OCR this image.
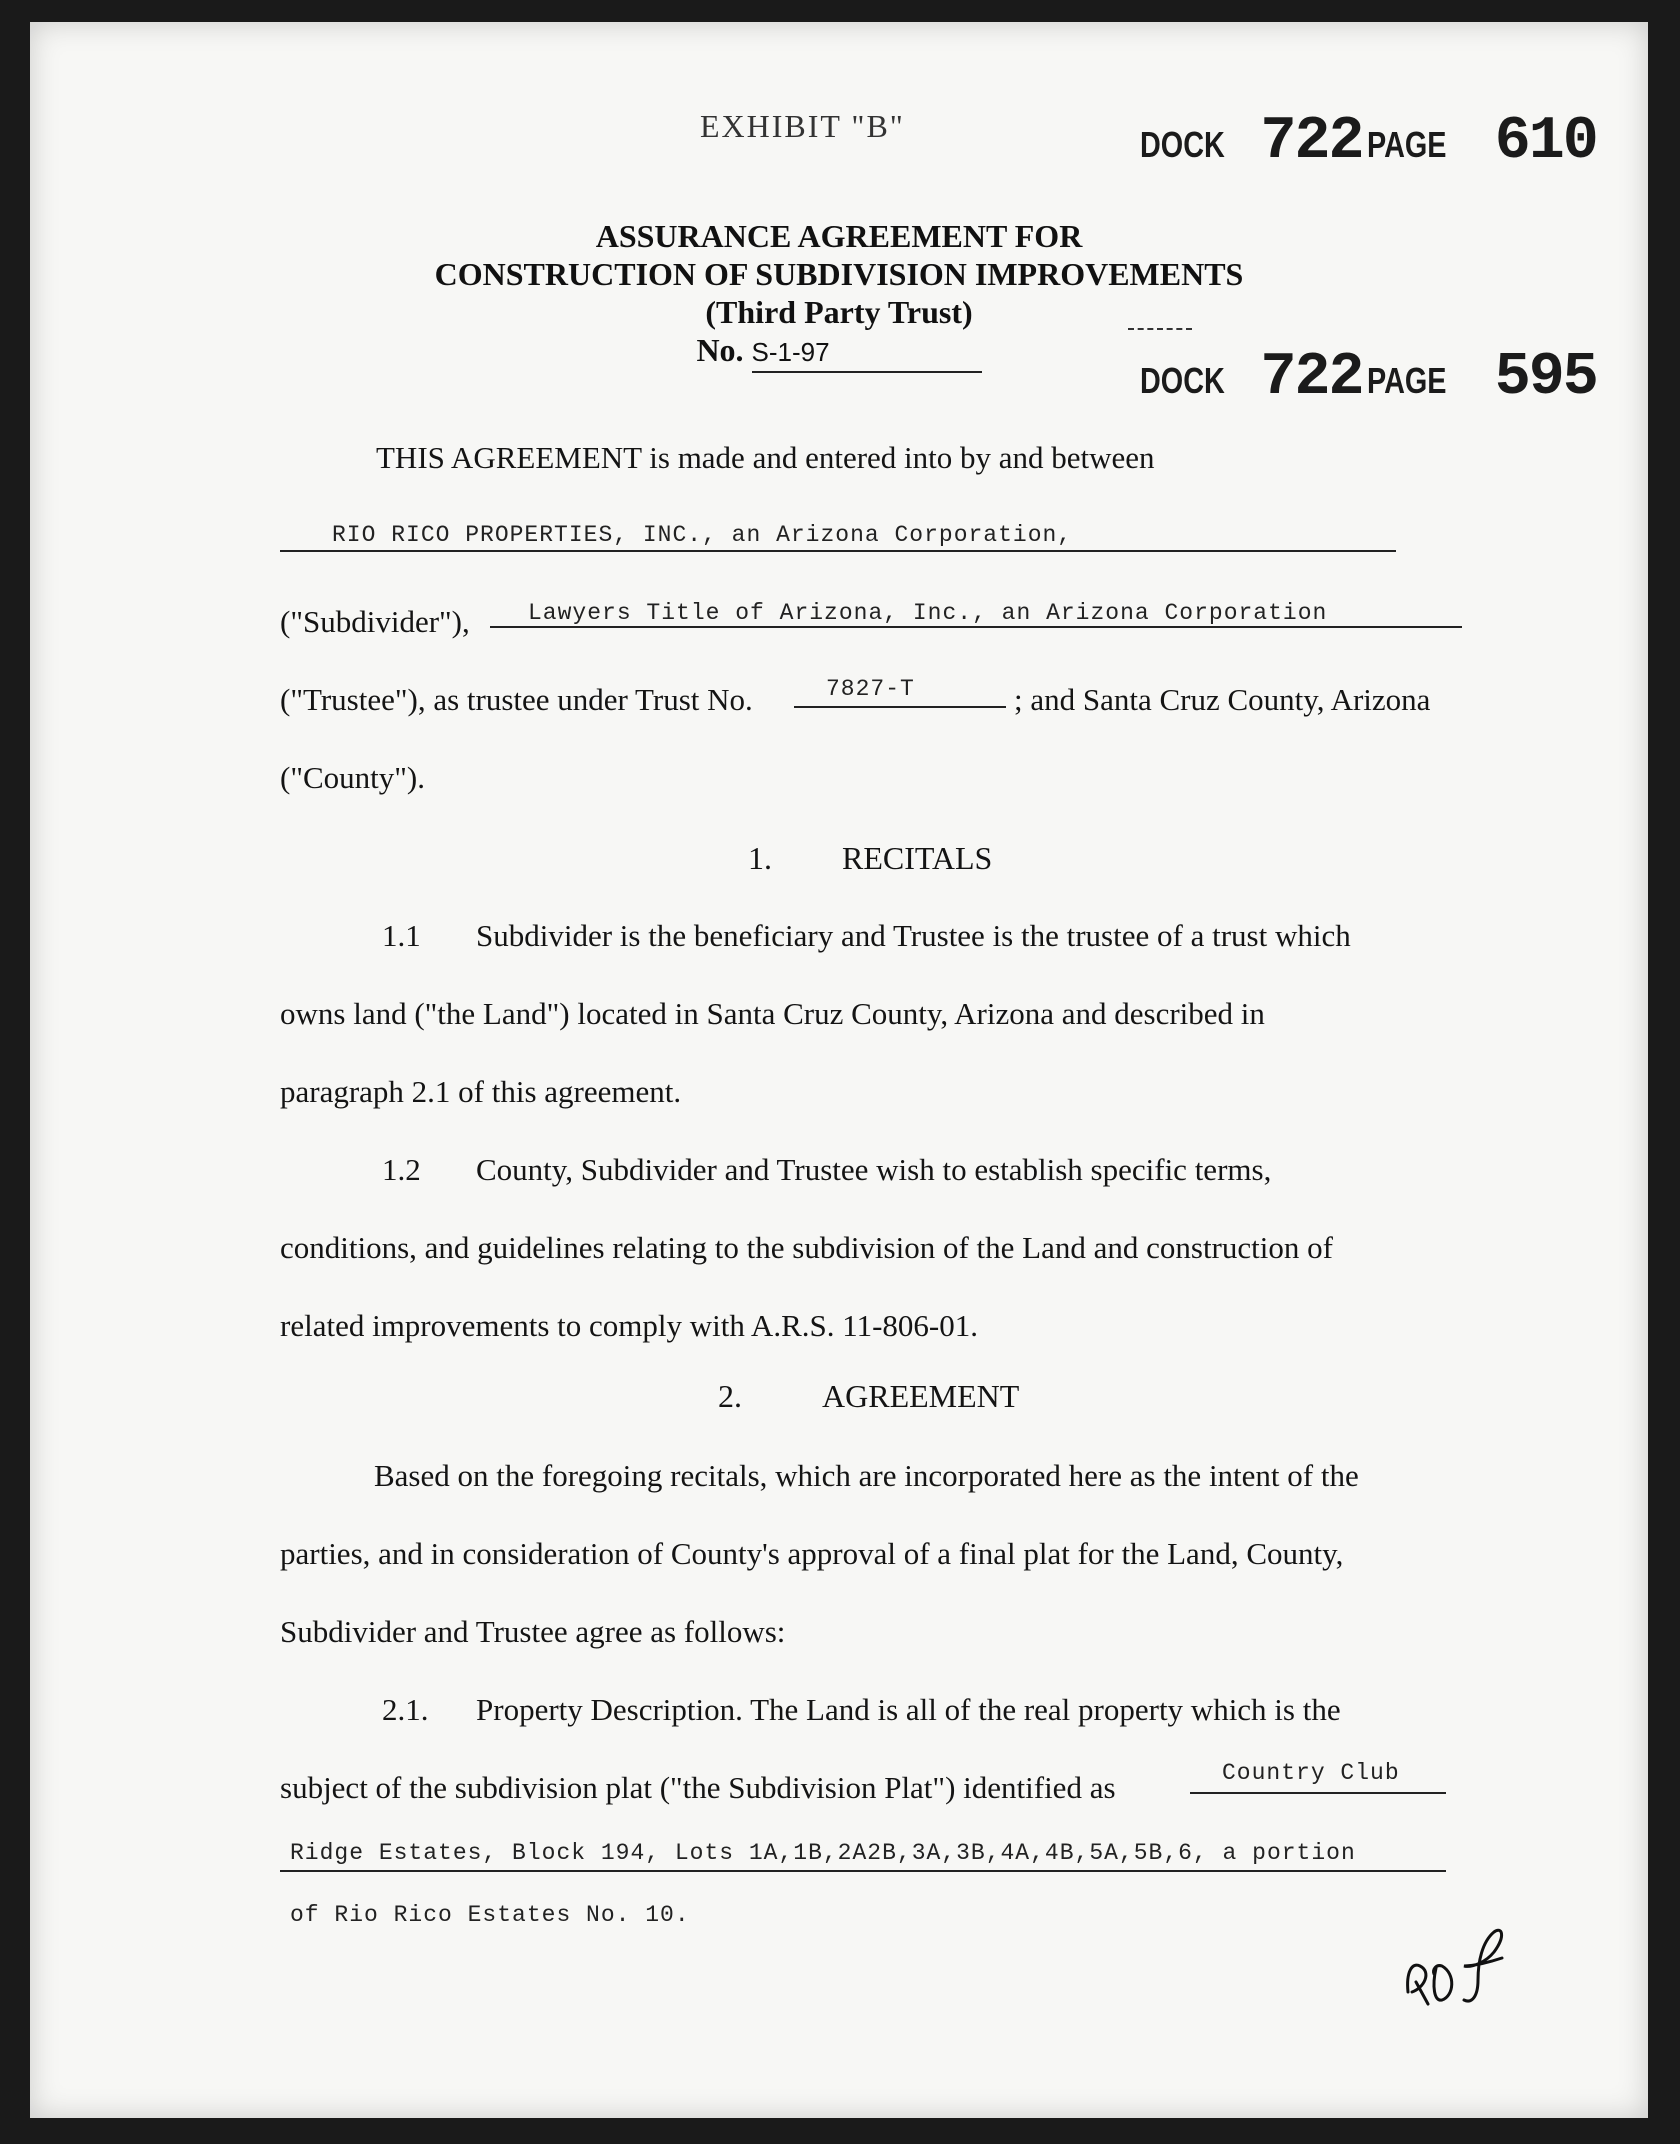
EXHIBIT "B"	DOCK 722 PAGE 610
ASSURANCE AGREEMENT FOR
CONSTRUCTION OF SUBDIVISION IMPROVEMENTS
(Third Party Trust)
No. S-1-97
DOCK 722 PAGE 595
THIS AGREEMENT is made and entered into by and between
RIO RICO PROPERTIES, INC., an Arizona Corporation,
("Subdivider"),	Lawyers Title of Arizona, Inc., an Arizona Corporation
("Trustee"), as trustee under Trust No.	7827-T	; and Santa Cruz County, Arizona
("County").
1. RECITALS
1.1 Subdivider is the beneficiary and Trustee is the trustee of a trust which
owns land ("the Land") located in Santa Cruz County, Arizona and described in
paragraph 2.1 of this agreement.
1.2 County, Subdivider and Trustee wish to establish specific terms,
conditions, and guidelines relating to the subdivision of the Land and construction of
related improvements to comply with A.R.S. 11-806-01.
2.	AGREEMENT
Based on the foregoing recitals, which are incorporated here as the intent of the
parties, and in consideration of County's approval of a final plat for the Land, County,
Subdivider and Trustee agree as follows:
2.1. Property Description. The Land is all of the real property which is the
subject of the subdivision plat ("the Subdivision Plat") identified as	Country Club
Ridge Estates, Block 194, Lots 1A,1B,2A2B,3A,3B,4A,4B,5A,5B,6, a portion
of Rio Rico Estates No. 10.
